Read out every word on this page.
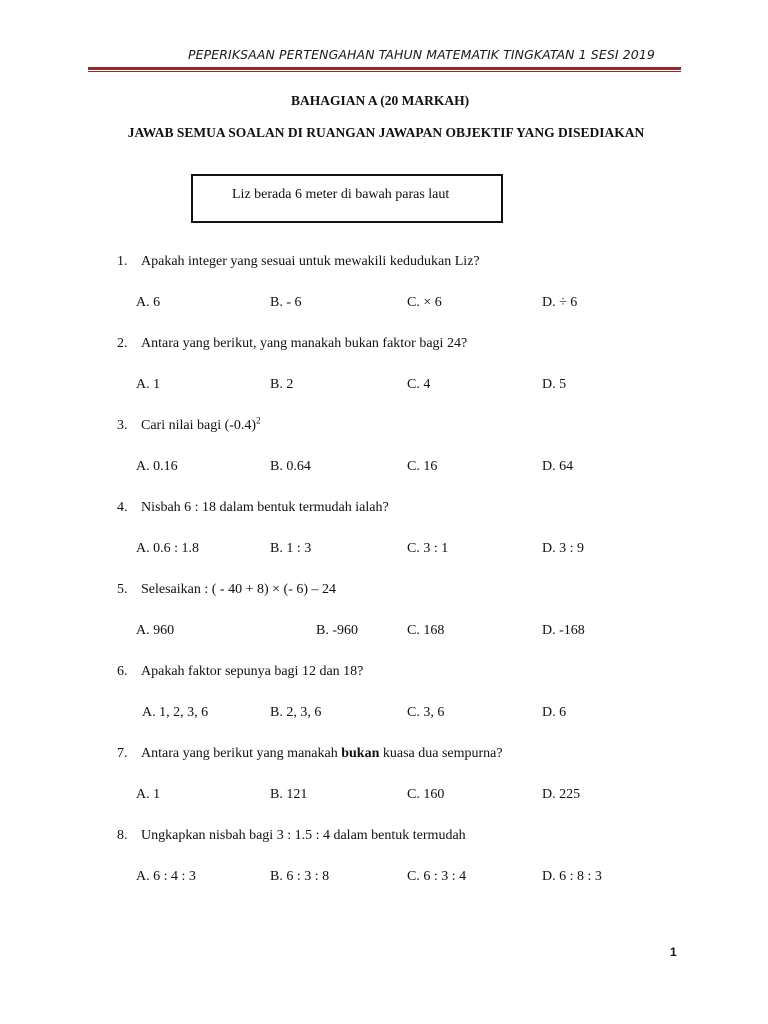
PEPERIKSAAN PERTENGAHAN TAHUN MATEMATIK TINGKATAN 1 SESI 2019
BAHAGIAN A (20 MARKAH)
JAWAB SEMUA SOALAN DI RUANGAN JAWAPAN OBJEKTIF YANG DISEDIAKAN
Liz berada 6 meter di bawah paras laut
1. Apakah integer yang sesuai untuk mewakili kedudukan Liz?
A. 6	B. - 6	C. × 6	D. ÷ 6
2. Antara yang berikut, yang manakah bukan faktor bagi 24?
A. 1	B. 2	C. 4	D. 5
3. Cari nilai bagi $(-0.4)^2$
A. 0.16	B. 0.64	C. 16	D. 64
4. Nisbah 6 : 18 dalam bentuk termudah ialah?
A. 0.6 : 1.8	B. 1 : 3	C. 3 : 1	D. 3 : 9
5. Selesaikan : ( - 40 + 8) × (- 6) – 24
A. 960	B. -960	C. 168	D. -168
6. Apakah faktor sepunya bagi 12 dan 18?
A. 1, 2, 3, 6	B. 2, 3, 6	C. 3, 6	D. 6
7. Antara yang berikut yang manakah bukan kuasa dua sempurna?
A. 1	B. 121	C. 160	D. 225
8. Ungkapkan nisbah bagi 3 : 1.5 : 4 dalam bentuk termudah
A. 6 : 4 : 3	B. 6 : 3 : 8	C. 6 : 3 : 4	D. 6 : 8 : 3
1
